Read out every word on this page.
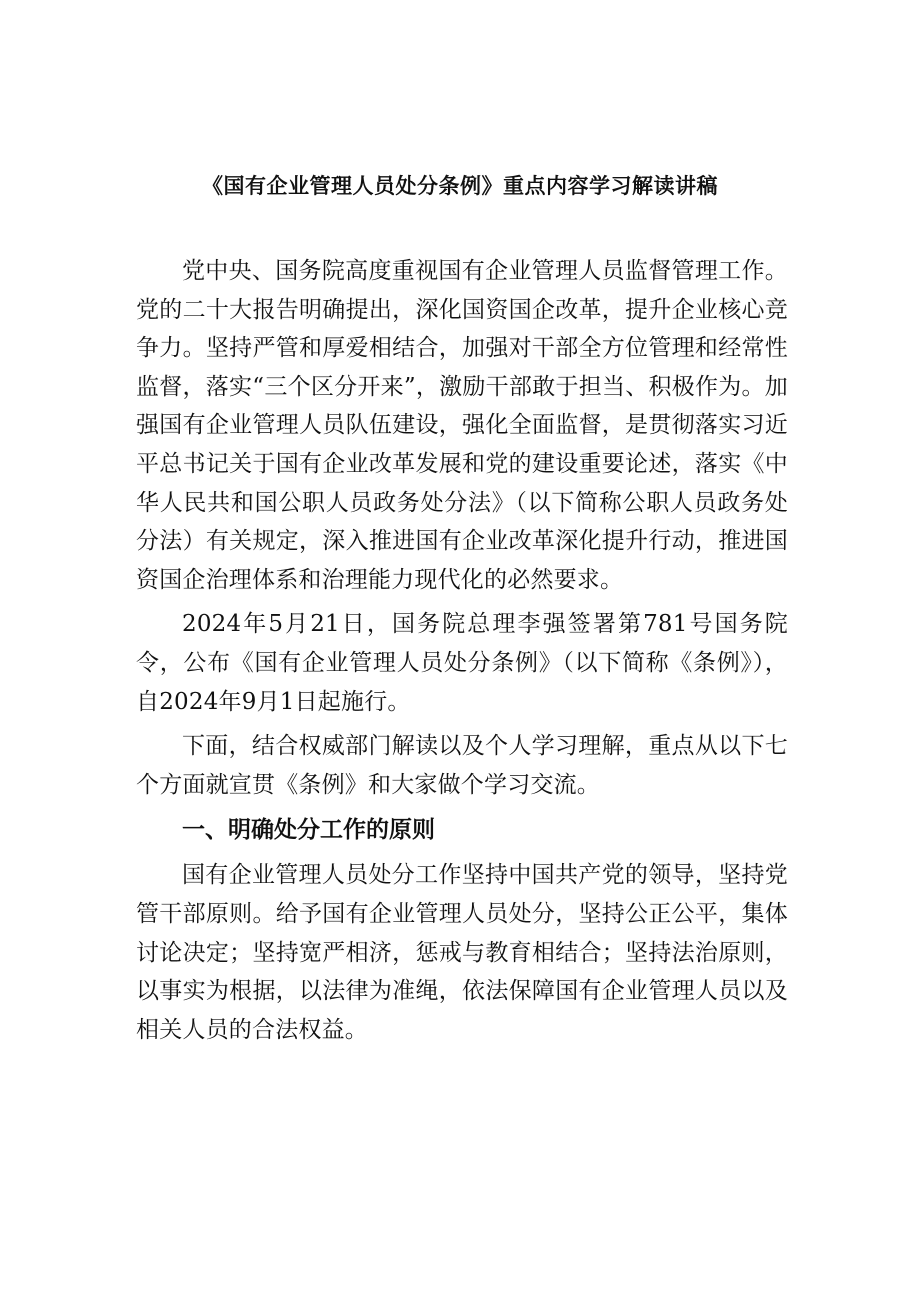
《国有企业管理人员处分条例》重点内容学习解读讲稿

党中央、国务院高度重视国有企业管理人员监督管理工作。党的二十大报告明确提出，深化国资国企改革，提升企业核心竞争力。坚持严管和厚爱相结合，加强对干部全方位管理和经常性监督，落实“三个区分开来”，激励干部敢于担当、积极作为。加强国有企业管理人员队伍建设，强化全面监督，是贯彻落实习近平总书记关于国有企业改革发展和党的建设重要论述，落实《中华人民共和国公职人员政务处分法》（以下简称公职人员政务处分法）有关规定，深入推进国有企业改革深化提升行动，推进国资国企治理体系和治理能力现代化的必然要求。

2024年5月21日，国务院总理李强签署第781号国务院令，公布《国有企业管理人员处分条例》（以下简称《条例》），自2024年9月1日起施行。

下面，结合权威部门解读以及个人学习理解，重点从以下七个方面就宣贯《条例》和大家做个学习交流。

一、明确处分工作的原则

国有企业管理人员处分工作坚持中国共产党的领导，坚持党管干部原则。给予国有企业管理人员处分，坚持公正公平，集体讨论决定；坚持宽严相济，惩戒与教育相结合；坚持法治原则，以事实为根据，以法律为准绳，依法保障国有企业管理人员以及相关人员的合法权益。
